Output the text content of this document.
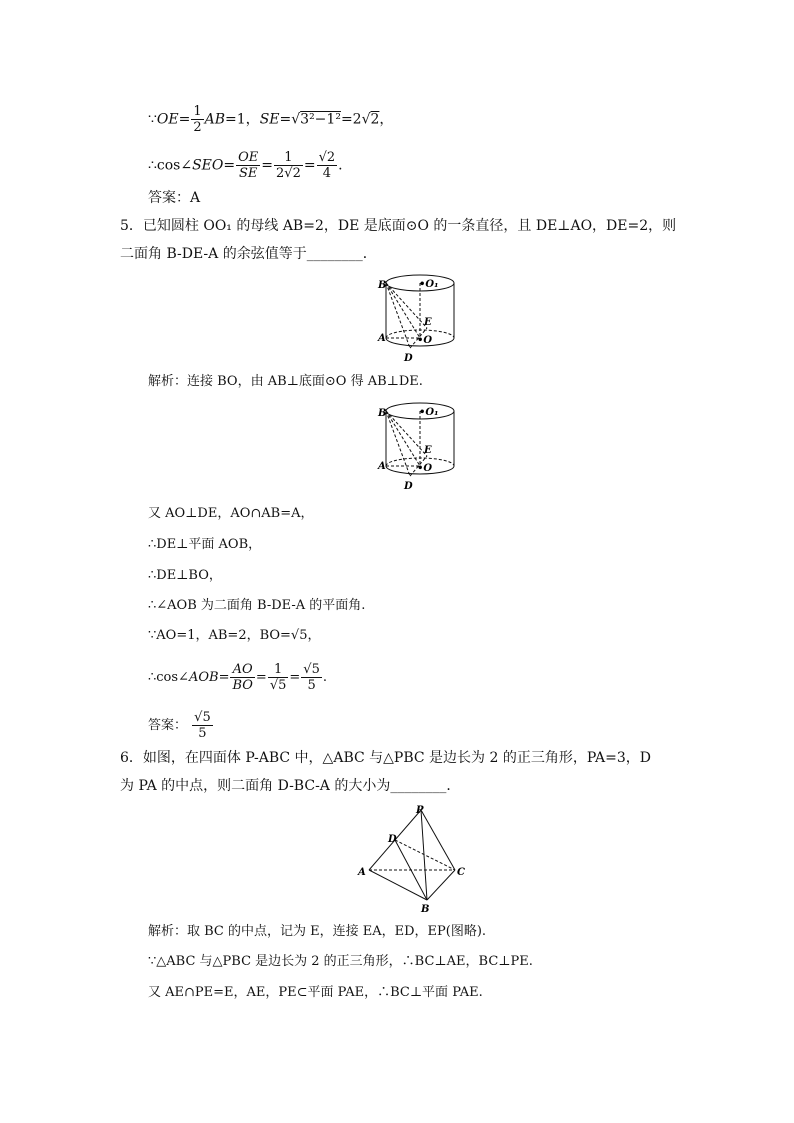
∵OE= $\frac{1}{2} AB=1$，SE=√3²−1²=2√2，
∴cos∠SEO= $\frac{OE}{SE} = \frac{1}{2√2} = \frac{√2}{4}$ .
答案：A
5．已知圆柱 OO₁ 的母线 AB=2，DE 是底面⊙O 的一条直径，且 DE⊥AO，DE=2，则
二面角 B-DE-A 的余弦值等于________．
B	•O₁
E
A	•O
D
解析：连接 BO，由 AB⊥底面⊙O 得 AB⊥DE.
B	•O₁
E
A	•O
D
又 AO⊥DE，AO∩AB=A，
∴DE⊥平面 AOB，
∴DE⊥BO，
∴∠AOB 为二面角 B-DE-A 的平面角.
∵AO=1，AB=2，BO=√5，
∴cos∠AOB= $\frac{AO}{BO} = \frac{1}{√5} = \frac{√5}{5}$ .
答案： $\frac{√5}{5}$
6．如图，在四面体 P-ABC 中，△ABC 与△PBC 是边长为 2 的正三角形，PA=3，D
为 PA 的中点，则二面角 D-BC-A 的大小为________．
P
D
A	C
B
解析：取 BC 的中点，记为 E，连接 EA，ED，EP(图略).
∵△ABC 与△PBC 是边长为 2 的正三角形，∴BC⊥AE，BC⊥PE.
又 AE∩PE=E，AE，PE⊂平面 PAE，∴BC⊥平面 PAE.
